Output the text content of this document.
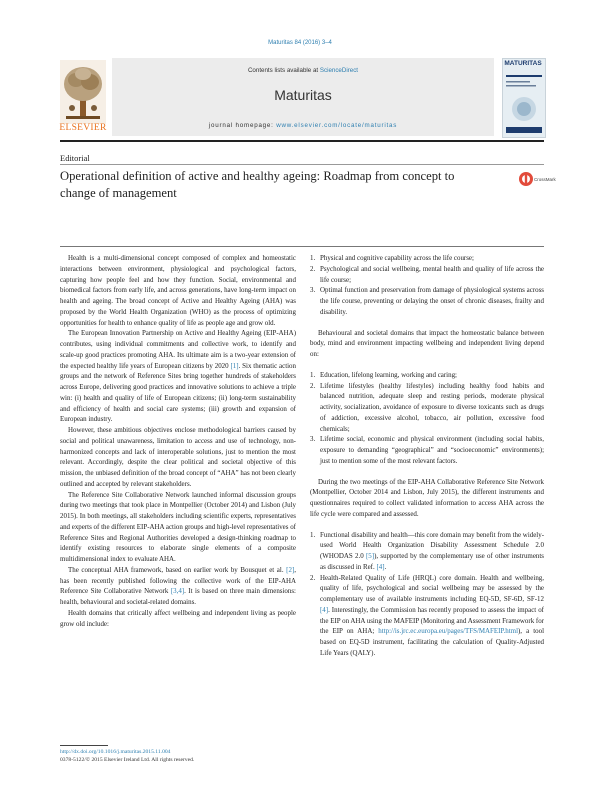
Maturitas 84 (2016) 3–4
Contents lists available at ScienceDirect
Maturitas
journal homepage: www.elsevier.com/locate/maturitas
ELSEVIER
MATURITAS
Editorial
Operational definition of active and healthy ageing: Roadmap from concept to change of management
CrossMark

Health is a multi-dimensional concept composed of complex and homeostatic interactions between environment, physiological and psychological factors, capturing how people feel and how they function. Social, environmental and biomedical factors from early life, and across generations, have long-term impact on health and ageing. The broad concept of Active and Healthy Ageing (AHA) was proposed by the World Health Organization (WHO) as the process of optimizing opportunities for health to enhance quality of life as people age and grow old.

The European Innovation Partnership on Active and Healthy Ageing (EIP-AHA) contributes, using individual commitments and collective work, to identify and scale-up good practices promoting AHA. Its ultimate aim is a two-year extension of the expected healthy life years of European citizens by 2020 [1]. Six thematic action groups and the network of Reference Sites bring together hundreds of stakeholders across Europe, delivering good practices and innovative solutions to achieve a triple win: (i) health and quality of life of European citizens; (ii) long-term sustainability and efficiency of health and social care systems; (iii) growth and expansion of European industry.

However, these ambitious objectives enclose methodological barriers caused by social and political unawareness, limitation to access and use of technology, non-harmonized concepts and lack of interoperable solutions, just to mention the most relevant. Accordingly, despite the clear political and societal objective of this mission, the unbiased definition of the broad concept of “AHA” has not been clearly outlined and accepted by relevant stakeholders.

The Reference Site Collaborative Network launched informal discussion groups during two meetings that took place in Montpellier (October 2014) and Lisbon (July 2015). In both meetings, all stakeholders including scientific experts, representatives and experts of the different EIP-AHA action groups and high-level representatives of Reference Sites and Regional Authorities developed a design-thinking roadmap to identify existing resources to elaborate single elements of a composite multidimensional index to evaluate AHA.

The conceptual AHA framework, based on earlier work by Bousquet et al. [2], has been recently published following the collective work of the EIP-AHA Reference Site Collaborative Network [3,4]. It is based on three main dimensions: health, behavioural and societal-related domains.

Health domains that critically affect wellbeing and independent living as people grow old include:

1. Physical and cognitive capability across the life course;
2. Psychological and social wellbeing, mental health and quality of life across the life course;
3. Optimal function and preservation from damage of physiological systems across the life course, preventing or delaying the onset of chronic diseases, frailty and disability.

Behavioural and societal domains that impact the homeostatic balance between body, mind and environment impacting wellbeing and independent living depend on:

1. Education, lifelong learning, working and caring;
2. Lifetime lifestyles (healthy lifestyles) including healthy food habits and balanced nutrition, adequate sleep and resting periods, moderate physical activity, socialization, avoidance of exposure to diverse toxicants such as drugs of addiction, excessive alcohol, tobacco, air pollution, excessive food chemicals;
3. Lifetime social, economic and physical environment (including social habits, exposure to demanding “geographical” and “socioeconomic” environments); just to mention some of the most relevant factors.

During the two meetings of the EIP-AHA Collaborative Reference Site Network (Montpellier, October 2014 and Lisbon, July 2015), the different instruments and questionnaires required to collect validated information to access AHA across the life cycle were compared and assessed.

1. Functional disability and health—this core domain may benefit from the widely-used World Health Organization Disability Assessment Schedule 2.0 (WHODAS 2.0 [5]), supported by the complementary use of other instruments as discussed in Ref. [4].
2. Health-Related Quality of Life (HRQL) core domain. Health and wellbeing, quality of life, psychological and social wellbeing may be assessed by the complementary use of available instruments including EQ-5D, SF-6D, SF-12 [4]. Interestingly, the Commission has recently proposed to assess the impact of the EIP on AHA using the MAFEIP (Monitoring and Assessment Framework for the EIP on AHA; http://is.jrc.ec.europa.eu/pages/TFS/MAFEIP.html), a tool based on EQ-5D instrument, facilitating the calculation of Quality-Adjusted Life Years (QALY).
http://dx.doi.org/10.1016/j.maturitas.2015.11.004
0378-5122/© 2015 Elsevier Ireland Ltd. All rights reserved.
